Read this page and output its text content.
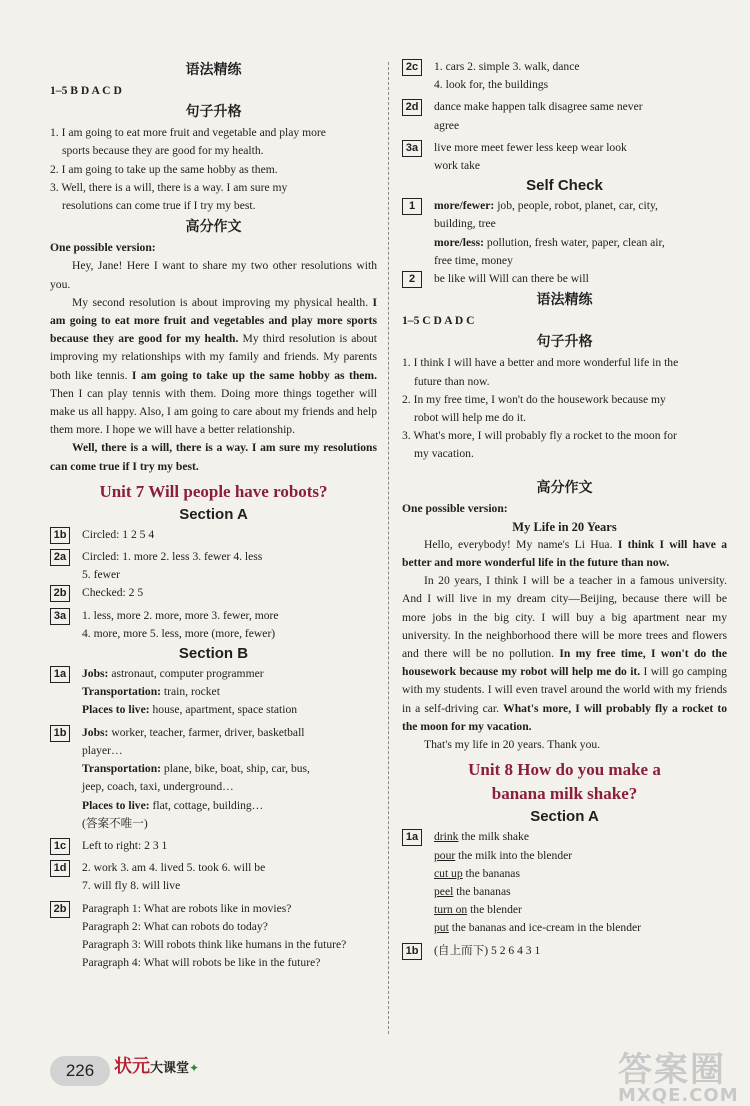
语法精练
1–5 B D A C D
句子升格
1. I am going to eat more fruit and vegetable and play more
sports because they are good for my health.
2. I am going to take up the same hobby as them.
3. Well, there is a will, there is a way. I am sure my
resolutions can come true if I try my best.
高分作文
One possible version:
Hey, Jane! Here I want to share my two other resolutions with you.
My second resolution is about improving my physical health. I am going to eat more fruit and vegetables and play more sports because they are good for my health. My third resolution is about improving my relationships with my family and friends. My parents both like tennis. I am going to take up the same hobby as them. Then I can play tennis with them. Doing more things together will make us all happy. Also, I am going to care about my friends and help them more. I hope we will have a better relationship.
Well, there is a will, there is a way. I am sure my resolutions can come true if I try my best.
Unit 7 Will people have robots?
Section A
1b	Circled: 1 2 5 4
2a	Circled: 1. more 2. less 3. fewer 4. less
5. fewer
2b	Checked: 2 5
3a	1. less, more 2. more, more 3. fewer, more
4. more, more 5. less, more (more, fewer)
Section B
1a	Jobs: astronaut, computer programmer
Transportation: train, rocket
Places to live: house, apartment, space station
1b	Jobs: worker, teacher, farmer, driver, basketball
player…
Transportation: plane, bike, boat, ship, car, bus,
jeep, coach, taxi, underground…
Places to live: flat, cottage, building…
(答案不唯一)
1c	Left to right: 2 3 1
1d	2. work 3. am 4. lived 5. took 6. will be
7. will fly 8. will live
2b	Paragraph 1: What are robots like in movies?
Paragraph 2: What can robots do today?
Paragraph 3: Will robots think like humans in the future?
Paragraph 4: What will robots be like in the future?
2c	1. cars 2. simple 3. walk, dance
4. look for, the buildings
2d	dance make happen talk disagree same never
agree
3a	live more meet fewer less keep wear look
work take
Self Check
1	more/fewer: job, people, robot, planet, car, city,
building, tree
more/less: pollution, fresh water, paper, clean air,
free time, money
2	be like will Will can there be will
语法精练
1–5 C D A D C
句子升格
1. I think I will have a better and more wonderful life in the
future than now.
2. In my free time, I won't do the housework because my
robot will help me do it.
3. What's more, I will probably fly a rocket to the moon for
my vacation.
高分作文
One possible version:
My Life in 20 Years
Hello, everybody! My name's Li Hua. I think I will have a better and more wonderful life in the future than now.
In 20 years, I think I will be a teacher in a famous university. And I will live in my dream city—Beijing, because there will be more jobs in the big city. I will buy a big apartment near my university. In the neighborhood there will be more trees and flowers and there will be no pollution. In my free time, I won't do the housework because my robot will help me do it. I will go camping with my students. I will even travel around the world with my friends in a self-driving car. What's more, I will probably fly a rocket to the moon for my vacation.
That's my life in 20 years. Thank you.
Unit 8 How do you make a
banana milk shake?
Section A
1a	drink the milk shake
pour the milk into the blender
cut up the bananas
peel the bananas
turn on the blender
put the bananas and ice-cream in the blender
1b	(自上而下) 5 2 6 4 3 1
226	状元大课堂✦	答案圈
MXQE.COM
